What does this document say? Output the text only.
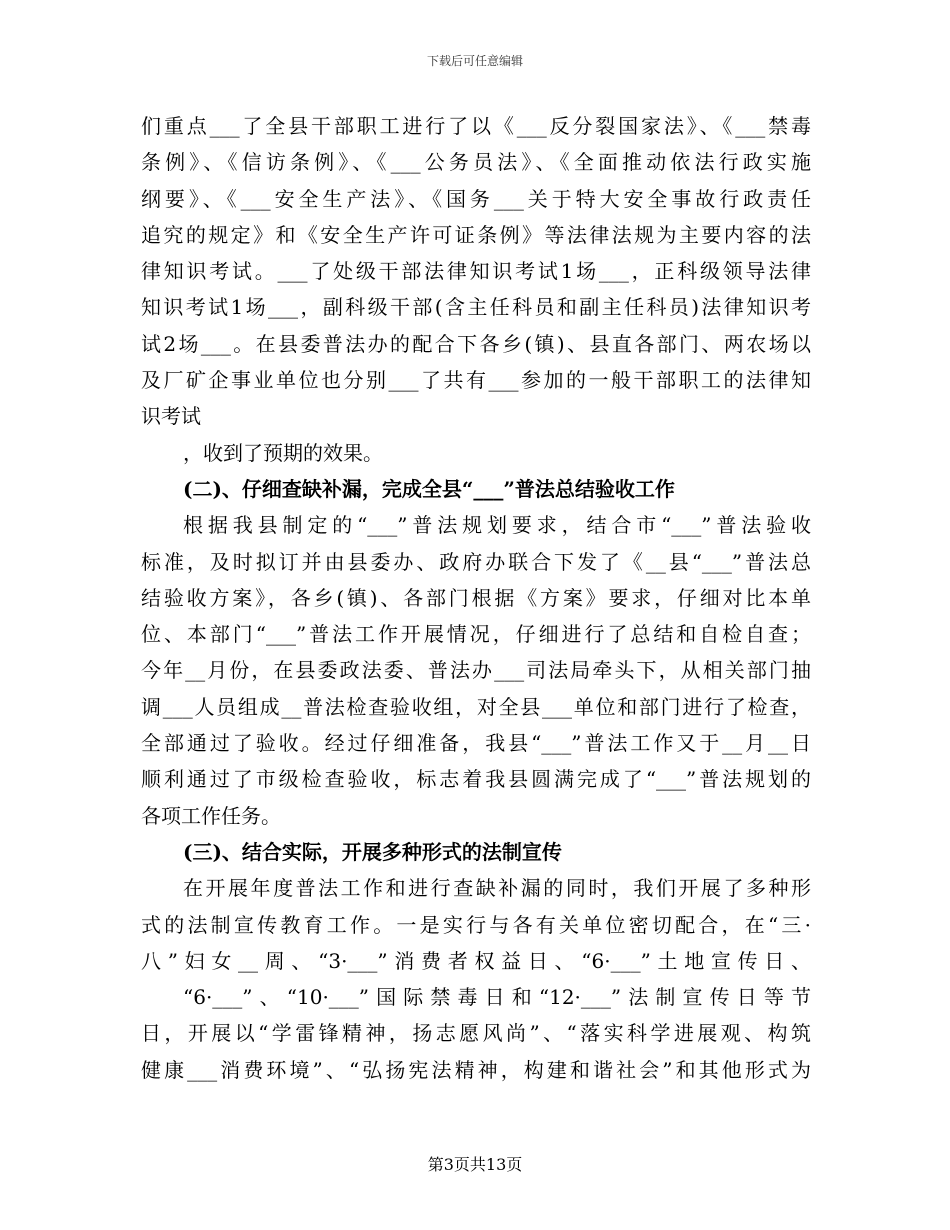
下载后可任意编辑
们重点___了全县干部职工进行了以《___反分裂国家法》、《___禁毒
条例》、《信访条例》、《___公务员法》、《全面推动依法行政实施
纲要》、《___安全生产法》、《国务___关于特大安全事故行政责任
追究的规定》和《安全生产许可证条例》等法律法规为主要内容的法
律知识考试。___了处级干部法律知识考试1场___，正科级领导法律
知识考试1场___，副科级干部(含主任科员和副主任科员)法律知识考
试2场___。在县委普法办的配合下各乡(镇)、县直各部门、两农场以
及厂矿企事业单位也分别___了共有___参加的一般干部职工的法律知
识考试
，收到了预期的效果。
(二)、仔细查缺补漏，完成全县“___”普法总结验收工作
根据我县制定的“___”普法规划要求，结合市“___”普法验收
标准，及时拟订并由县委办、政府办联合下发了《__县“___”普法总
结验收方案》，各乡(镇)、各部门根据《方案》要求，仔细对比本单
位、本部门“___”普法工作开展情况，仔细进行了总结和自检自查；
今年__月份，在县委政法委、普法办___司法局牵头下，从相关部门抽
调___人员组成__普法检查验收组，对全县___单位和部门进行了检查，
全部通过了验收。经过仔细准备，我县“___”普法工作又于__月__日
顺利通过了市级检查验收，标志着我县圆满完成了“___”普法规划的
各项工作任务。
(三)、结合实际，开展多种形式的法制宣传
在开展年度普法工作和进行查缺补漏的同时，我们开展了多种形
式的法制宣传教育工作。一是实行与各有关单位密切配合，在“三·
八”妇女__周、“3·___”消费者权益日、“6·___”土地宣传日、
“6·___”、“10·___”国际禁毒日和“12·___”法制宣传日等节
日，开展以“学雷锋精神，扬志愿风尚”、“落实科学进展观、构筑
健康___消费环境”、“弘扬宪法精神，构建和谐社会”和其他形式为
第3页共13页
